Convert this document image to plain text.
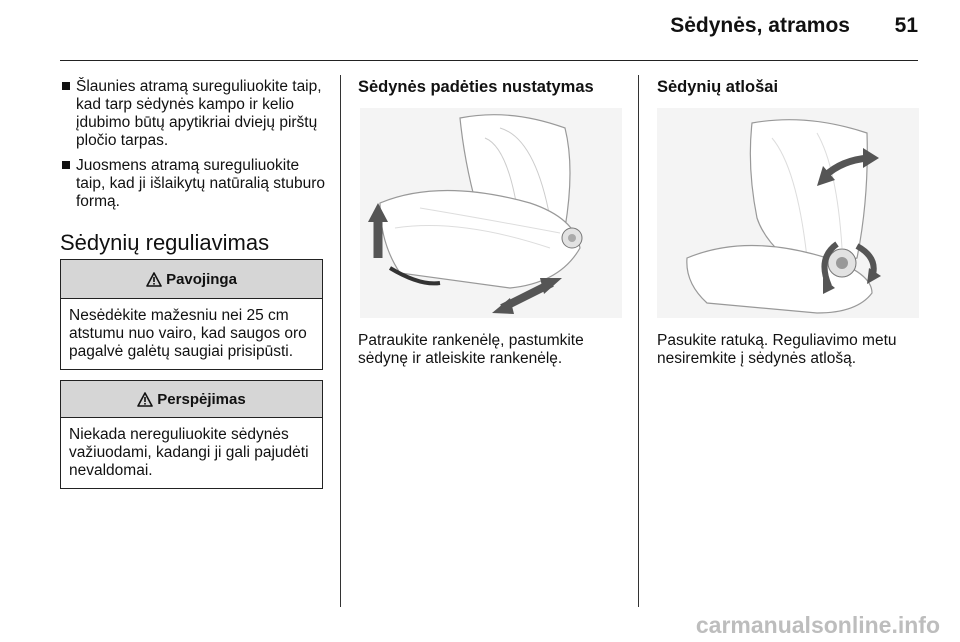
Sėdynės, atramos	51
Šlaunies atramą sureguliuokite taip, kad tarp sėdynės kampo ir kelio įdubimo būtų apytikriai dviejų pirštų pločio tarpas.
Juosmens atramą sureguliuokite taip, kad ji išlaikytų natūralią stuburo formą.
Sėdynių reguliavimas
Pavojinga
Nesėdėkite mažesniu nei 25 cm atstumu nuo vairo, kad saugos oro pagalvė galėtų saugiai prisipūsti.
Perspėjimas
Niekada nereguliuokite sėdynės važiuodami, kadangi ji gali pajudėti nevaldomai.
Sėdynės padėties nustatymas
Patraukite rankenėlę, pastumkite sėdynę ir atleiskite rankenėlę.
Sėdynių atlošai
Pasukite ratuką. Reguliavimo metu nesiremkite į sėdynės atlošą.
carmanualsonline.info
